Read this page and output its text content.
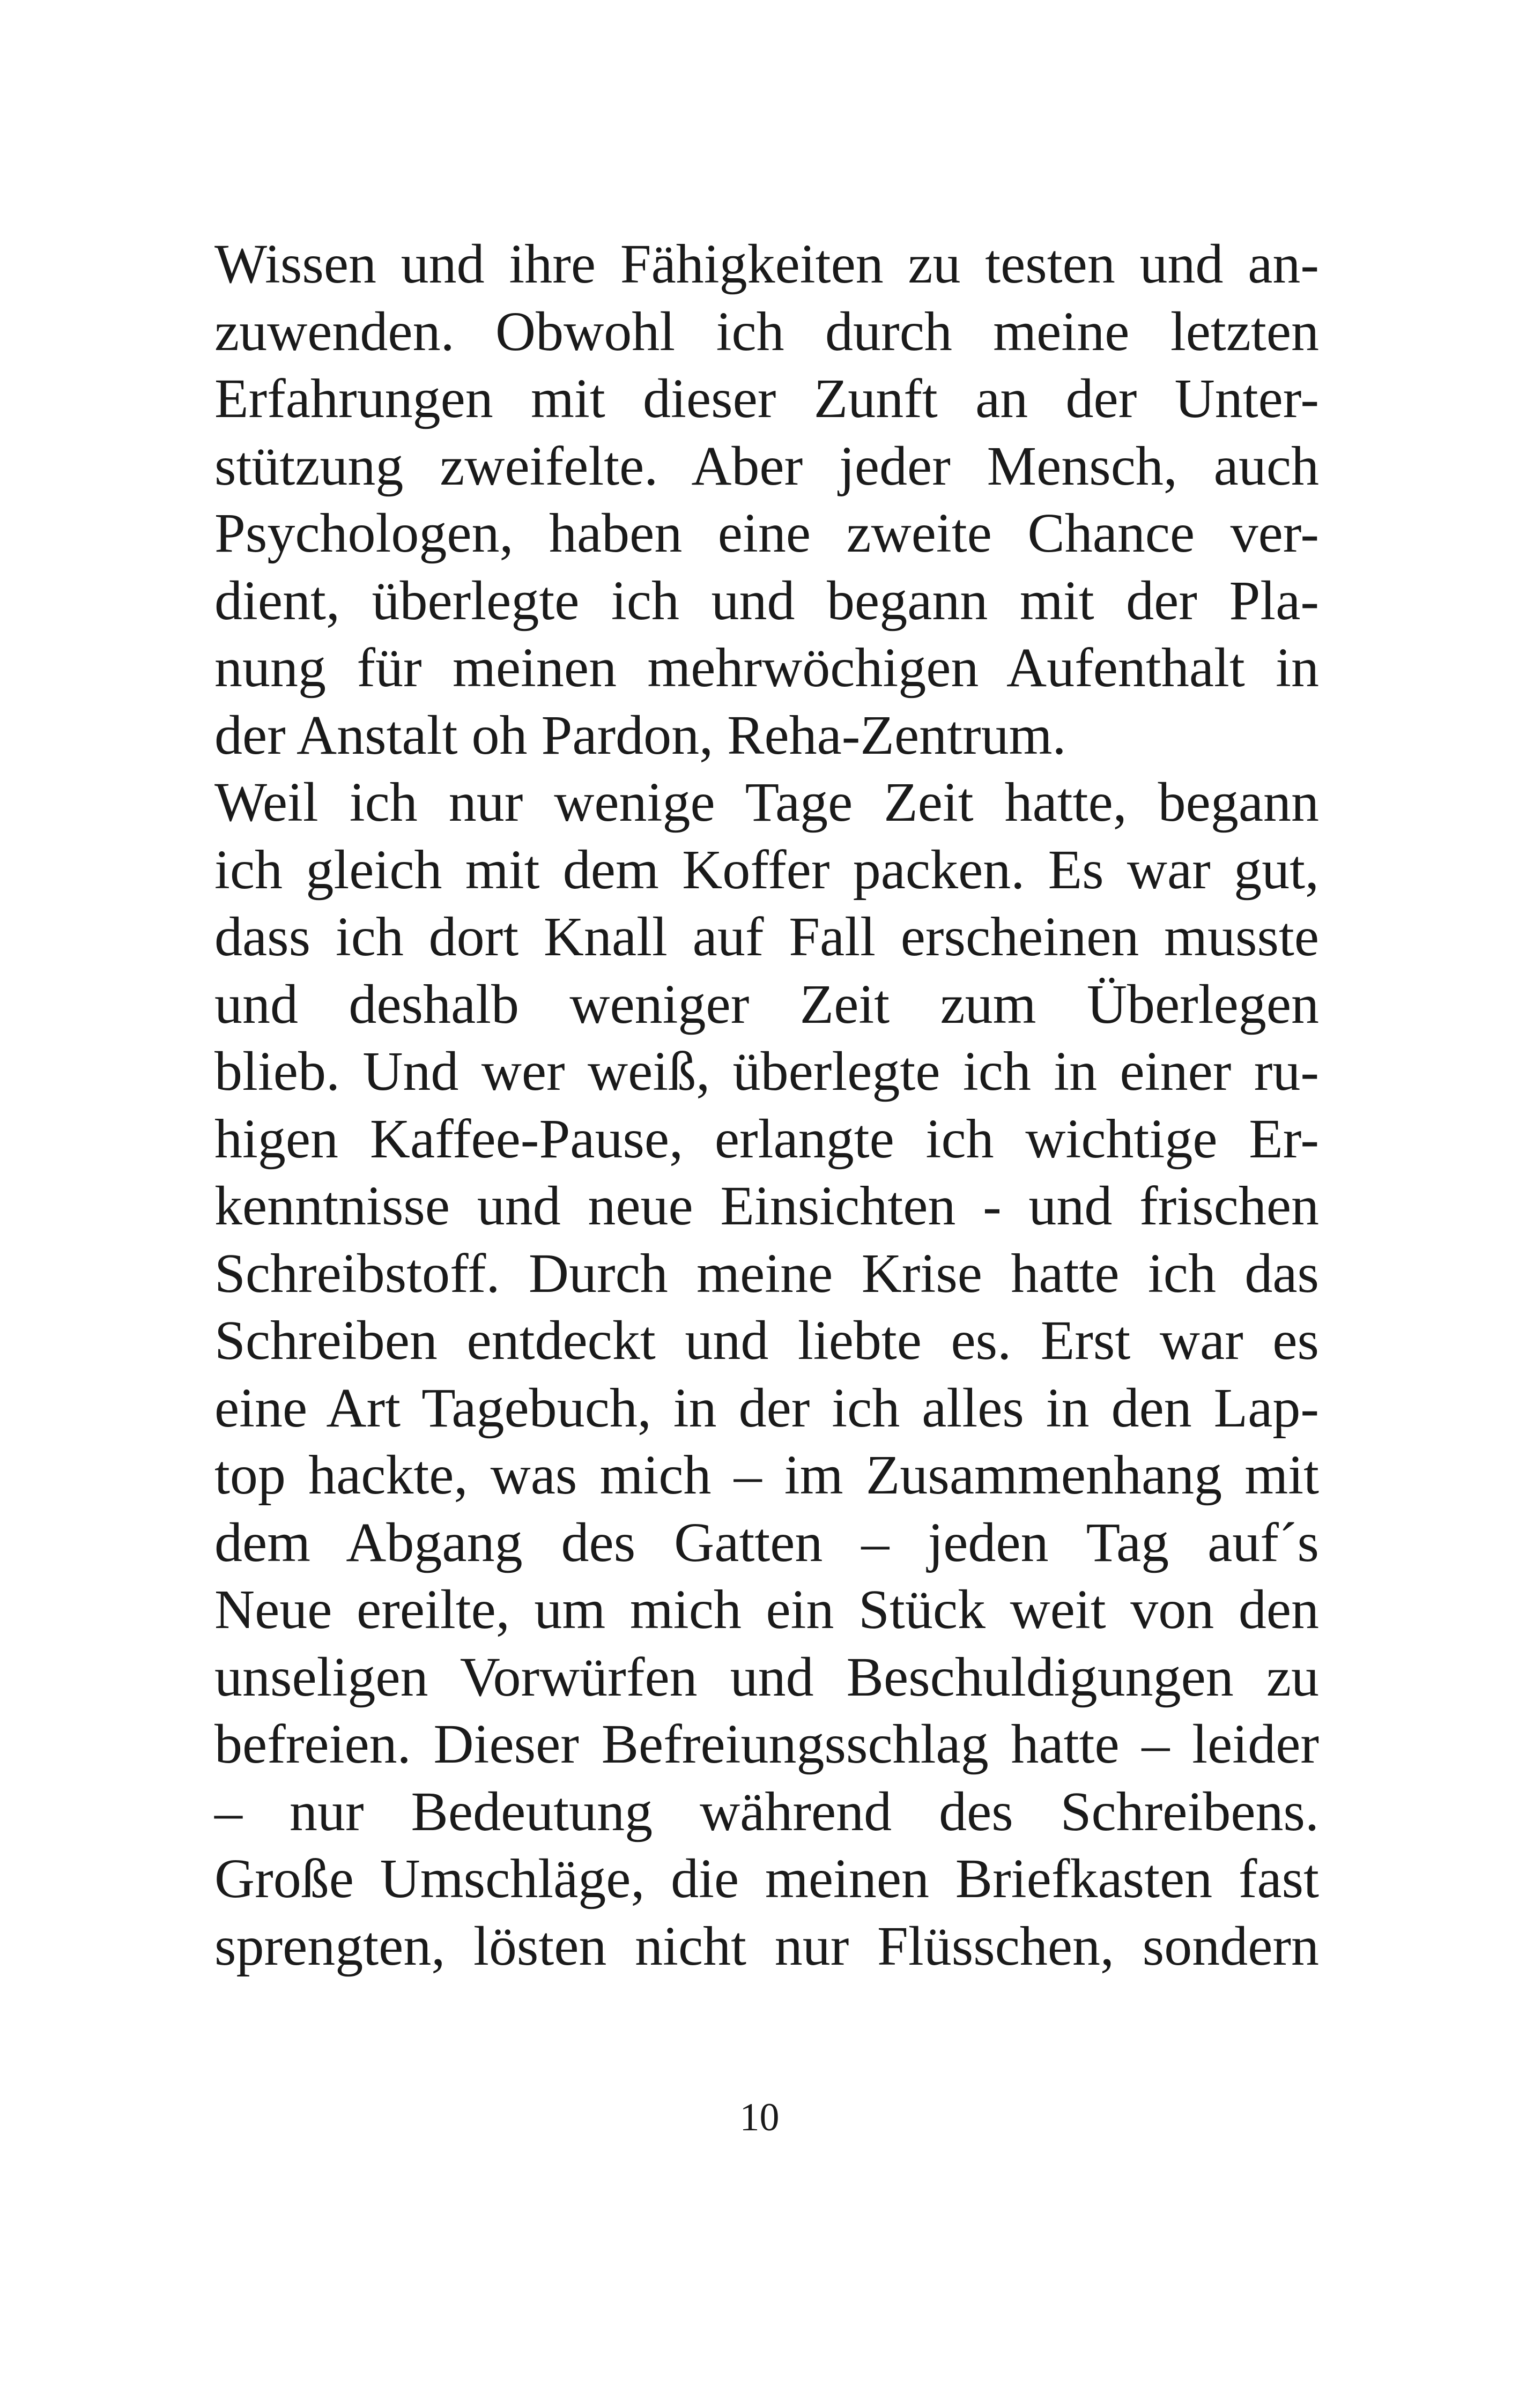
Wissen und ihre Fähigkeiten zu testen und an-
zuwenden. Obwohl ich durch meine letzten
Erfahrungen mit dieser Zunft an der Unter-
stützung zweifelte. Aber jeder Mensch, auch
Psychologen, haben eine zweite Chance ver-
dient, überlegte ich und begann mit der Pla-
nung für meinen mehrwöchigen Aufenthalt in
der Anstalt oh Pardon, Reha-Zentrum.
Weil ich nur wenige Tage Zeit hatte, begann
ich gleich mit dem Koffer packen. Es war gut,
dass ich dort Knall auf Fall erscheinen musste
und deshalb weniger Zeit zum Überlegen
blieb. Und wer weiß, überlegte ich in einer ru-
higen Kaffee-Pause, erlangte ich wichtige Er-
kenntnisse und neue Einsichten - und frischen
Schreibstoff. Durch meine Krise hatte ich das
Schreiben entdeckt und liebte es. Erst war es
eine Art Tagebuch, in der ich alles in den Lap-
top hackte, was mich – im Zusammenhang mit
dem Abgang des Gatten – jeden Tag auf´s
Neue ereilte, um mich ein Stück weit von den
unseligen Vorwürfen und Beschuldigungen zu
befreien. Dieser Befreiungsschlag hatte – leider
– nur Bedeutung während des Schreibens.
Große Umschläge, die meinen Briefkasten fast
sprengten, lösten nicht nur Flüsschen, sondern
10
